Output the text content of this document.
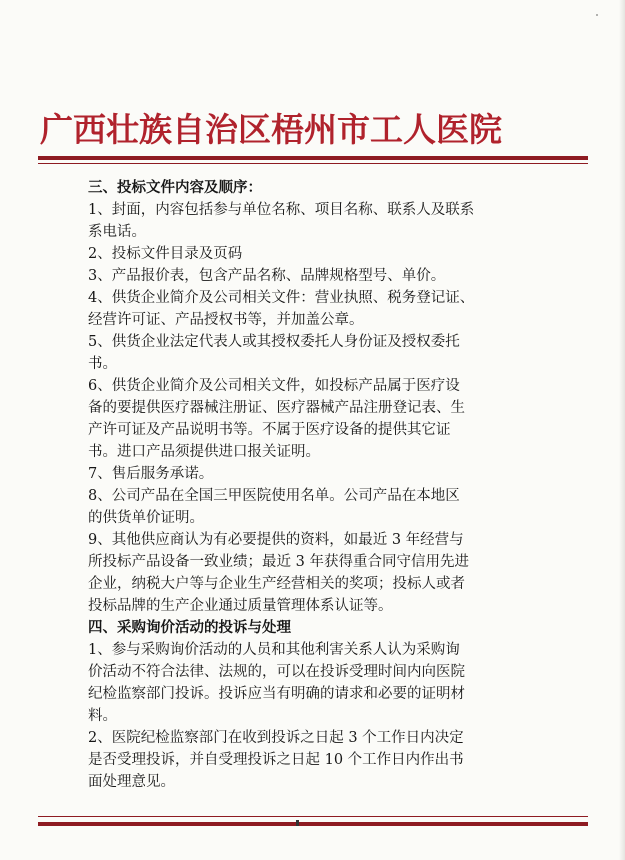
广西壮族自治区梧州市工人医院
三、投标文件内容及顺序：
1、封面，内容包括参与单位名称、项目名称、联系人及联系
系电话。
2、投标文件目录及页码
3、产品报价表，包含产品名称、品牌规格型号、单价。
4、供货企业简介及公司相关文件：营业执照、税务登记证、
经营许可证、产品授权书等，并加盖公章。
5、供货企业法定代表人或其授权委托人身份证及授权委托
书。
6、供货企业简介及公司相关文件，如投标产品属于医疗设
备的要提供医疗器械注册证、医疗器械产品注册登记表、生
产许可证及产品说明书等。不属于医疗设备的提供其它证
书。进口产品须提供进口报关证明。
7、售后服务承诺。
8、公司产品在全国三甲医院使用名单。公司产品在本地区
的供货单价证明。
9、其他供应商认为有必要提供的资料，如最近 3 年经营与
所投标产品设备一致业绩；最近 3 年获得重合同守信用先进
企业，纳税大户等与企业生产经营相关的奖项；投标人或者
投标品牌的生产企业通过质量管理体系认证等。
四、采购询价活动的投诉与处理
1、参与采购询价活动的人员和其他利害关系人认为采购询
价活动不符合法律、法规的，可以在投诉受理时间内向医院
纪检监察部门投诉。投诉应当有明确的请求和必要的证明材
料。
2、医院纪检监察部门在收到投诉之日起 3 个工作日内决定
是否受理投诉，并自受理投诉之日起 10 个工作日内作出书
面处理意见。
